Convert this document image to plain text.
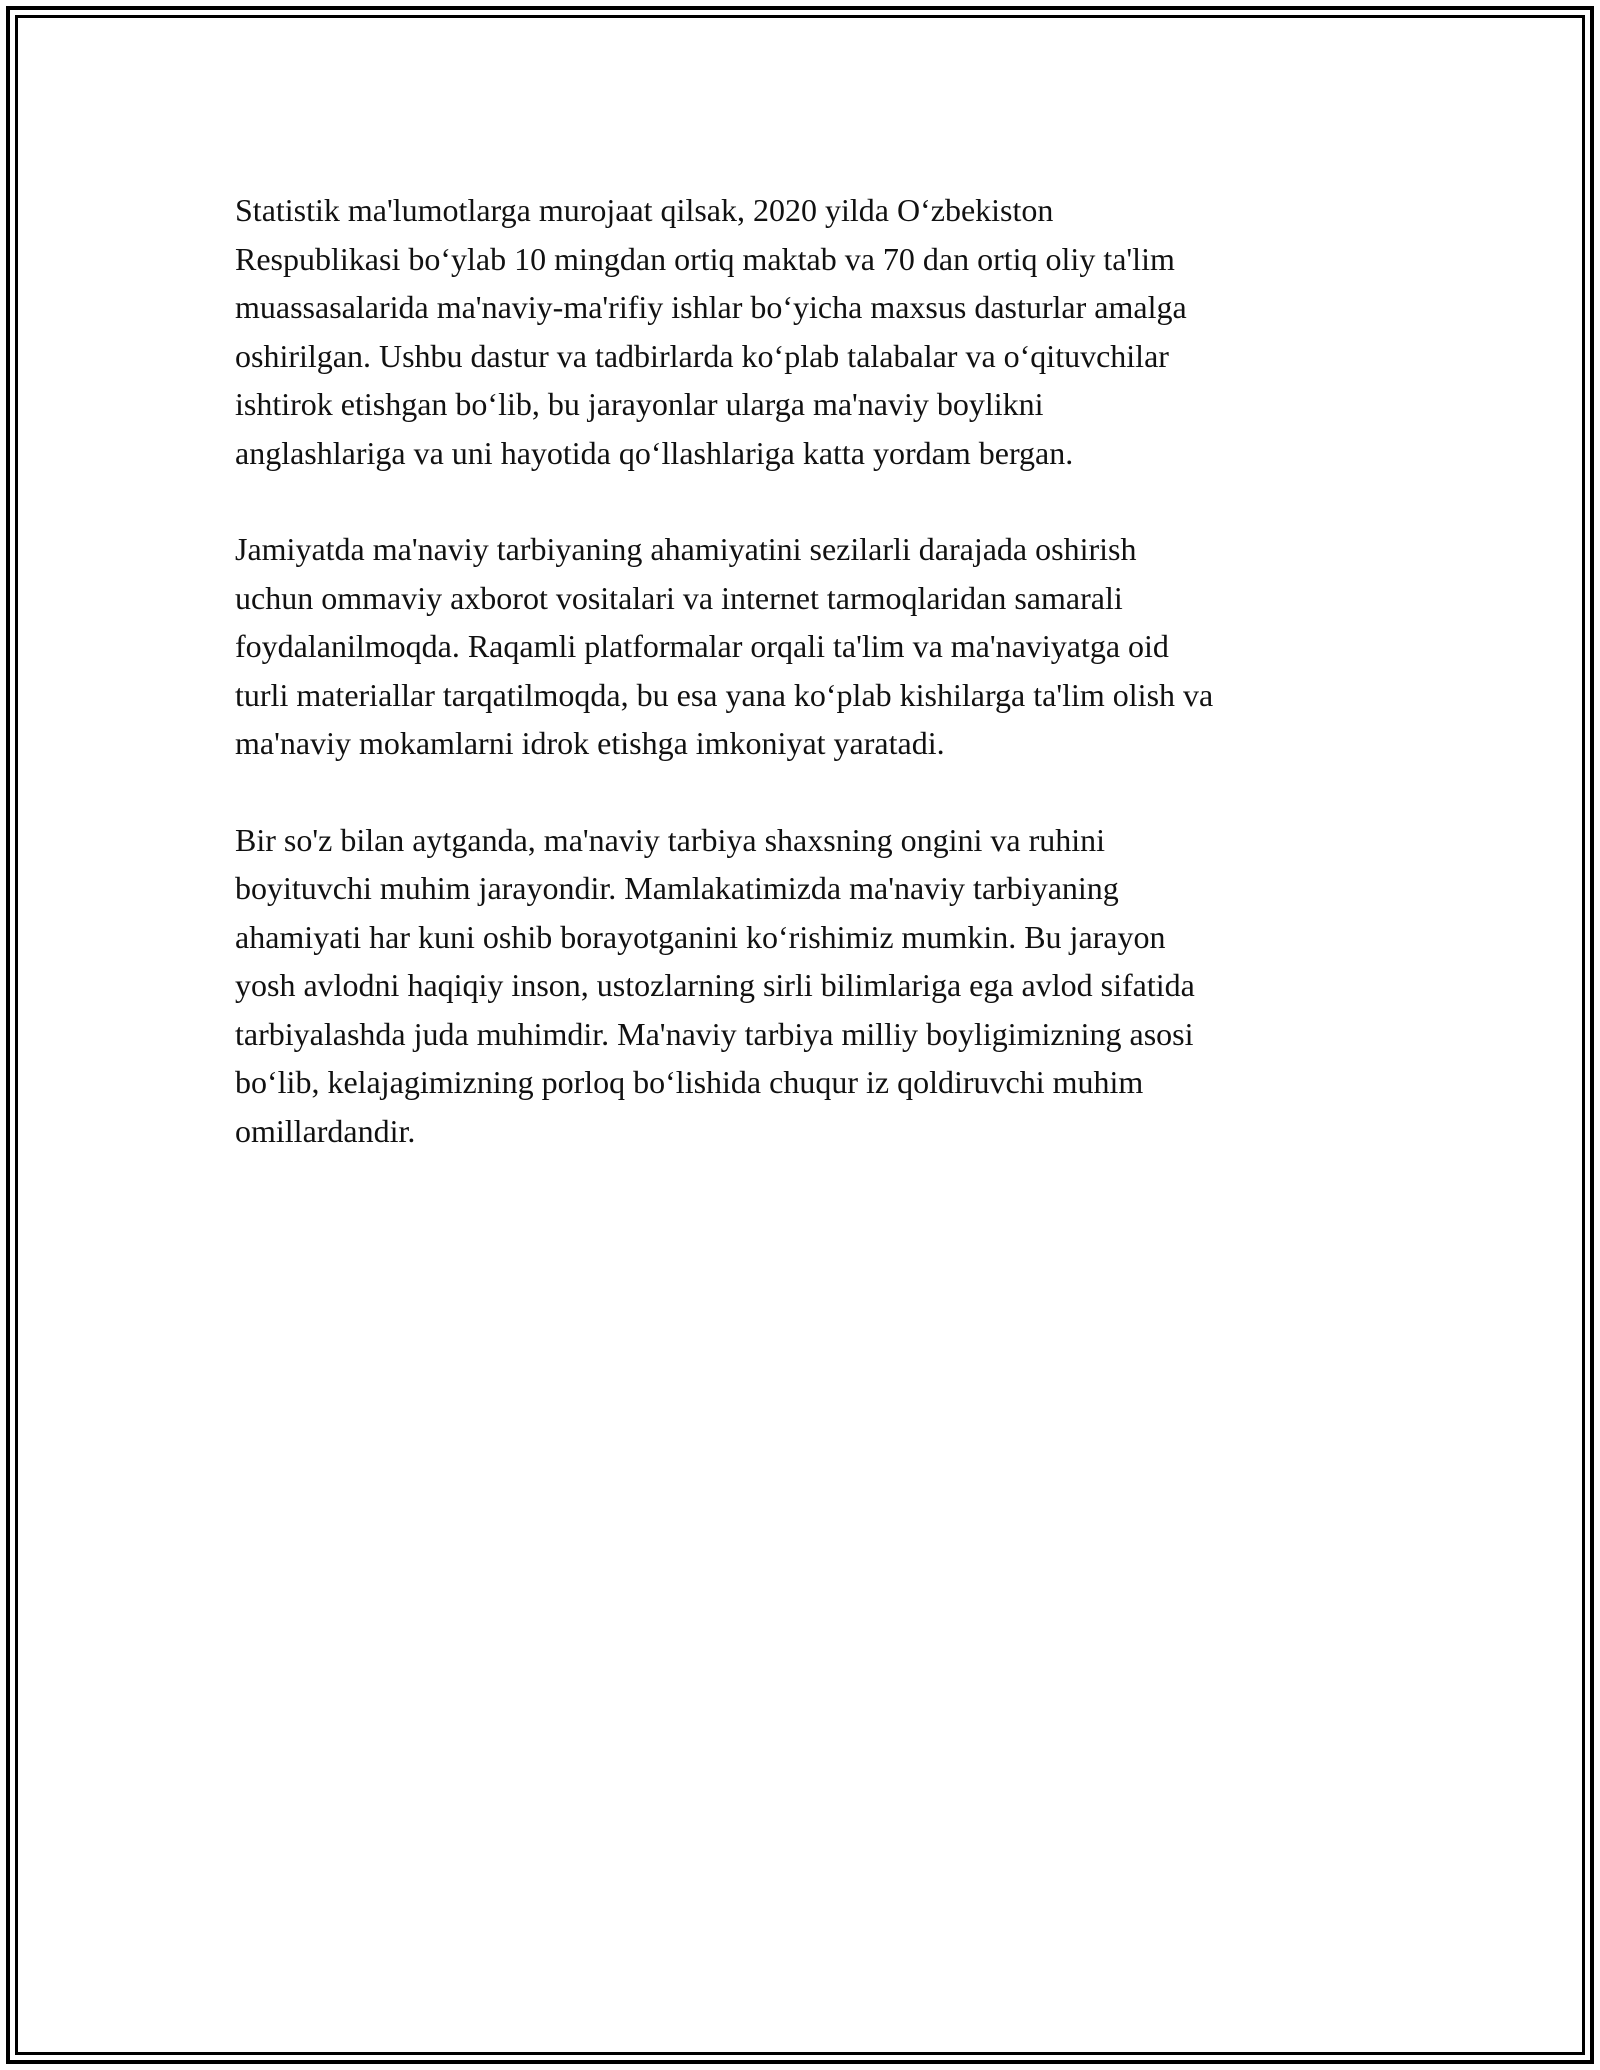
Statistik ma'lumotlarga murojaat qilsak, 2020 yilda O‘zbekiston
Respublikasi bo‘ylab 10 mingdan ortiq maktab va 70 dan ortiq oliy ta'lim
muassasalarida ma'naviy-ma'rifiy ishlar bo‘yicha maxsus dasturlar amalga
oshirilgan. Ushbu dastur va tadbirlarda ko‘plab talabalar va o‘qituvchilar
ishtirok etishgan bo‘lib, bu jarayonlar ularga ma'naviy boylikni
anglashlariga va uni hayotida qo‘llashlariga katta yordam bergan.

Jamiyatda ma'naviy tarbiyaning ahamiyatini sezilarli darajada oshirish
uchun ommaviy axborot vositalari va internet tarmoqlaridan samarali
foydalanilmoqda. Raqamli platformalar orqali ta'lim va ma'naviyatga oid
turli materiallar tarqatilmoqda, bu esa yana ko‘plab kishilarga ta'lim olish va
ma'naviy mokamlarni idrok etishga imkoniyat yaratadi.

Bir so'z bilan aytganda, ma'naviy tarbiya shaxsning ongini va ruhini
boyituvchi muhim jarayondir. Mamlakatimizda ma'naviy tarbiyaning
ahamiyati har kuni oshib borayotganini ko‘rishimiz mumkin. Bu jarayon
yosh avlodni haqiqiy inson, ustozlarning sirli bilimlariga ega avlod sifatida
tarbiyalashda juda muhimdir. Ma'naviy tarbiya milliy boyligimizning asosi
bo‘lib, kelajagimizning porloq bo‘lishida chuqur iz qoldiruvchi muhim
omillardandir.
